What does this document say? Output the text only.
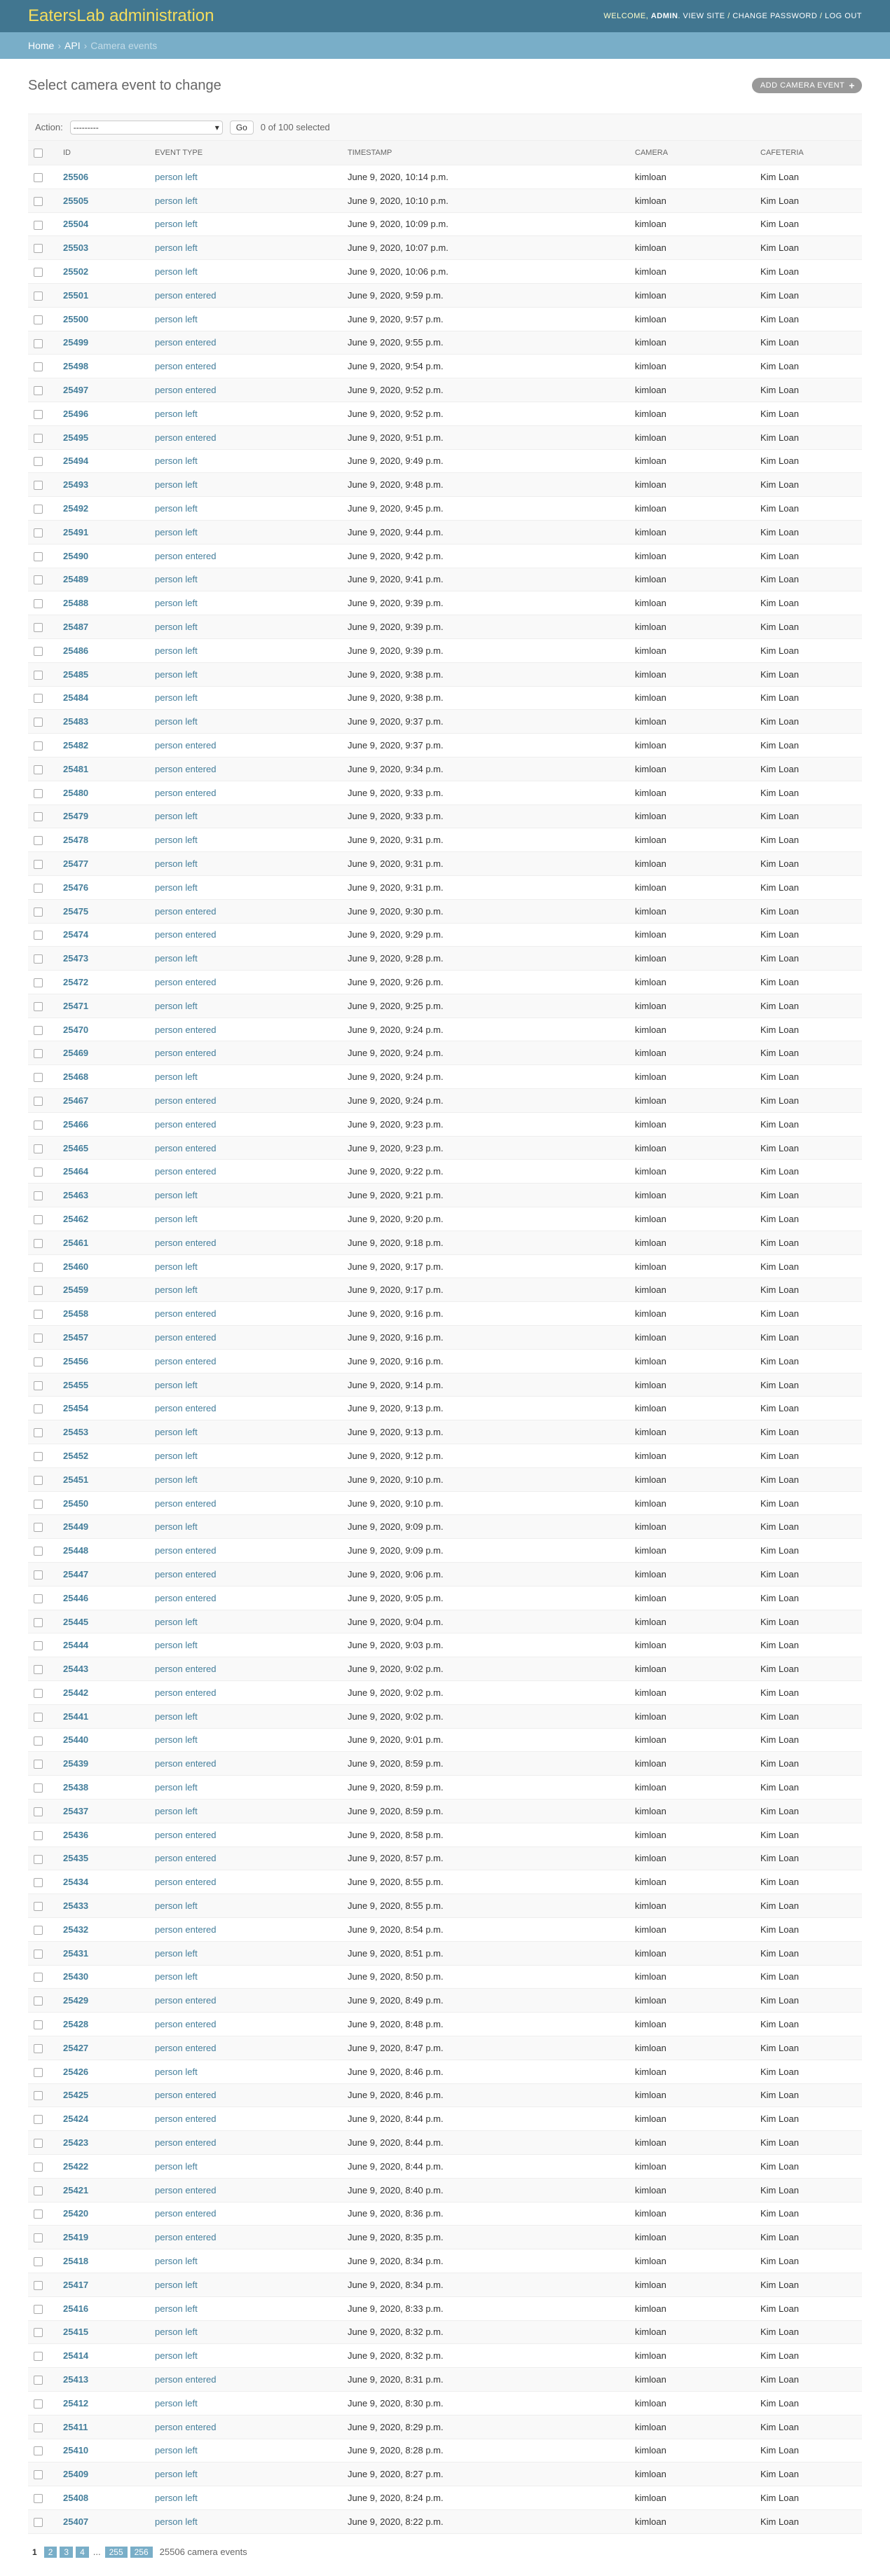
EatersLab administration	WELCOME, ADMIN. VIEW SITE / CHANGE PASSWORD / LOG OUT
Home › API › Camera events
Select camera event to change	ADD CAMERA EVENT +
Action: ---------	▾	Go	0 of 100 selected
	ID	EVENT TYPE	TIMESTAMP	CAMERA	CAFETERIA
	25506	person left	June 9, 2020, 10:14 p.m.	kimloan	Kim Loan
	25505	person left	June 9, 2020, 10:10 p.m.	kimloan	Kim Loan
	25504	person left	June 9, 2020, 10:09 p.m.	kimloan	Kim Loan
	25503	person left	June 9, 2020, 10:07 p.m.	kimloan	Kim Loan
	25502	person left	June 9, 2020, 10:06 p.m.	kimloan	Kim Loan
	25501	person entered	June 9, 2020, 9:59 p.m.	kimloan	Kim Loan
	25500	person left	June 9, 2020, 9:57 p.m.	kimloan	Kim Loan
	25499	person entered	June 9, 2020, 9:55 p.m.	kimloan	Kim Loan
	25498	person entered	June 9, 2020, 9:54 p.m.	kimloan	Kim Loan
	25497	person entered	June 9, 2020, 9:52 p.m.	kimloan	Kim Loan
	25496	person left	June 9, 2020, 9:52 p.m.	kimloan	Kim Loan
	25495	person entered	June 9, 2020, 9:51 p.m.	kimloan	Kim Loan
	25494	person left	June 9, 2020, 9:49 p.m.	kimloan	Kim Loan
	25493	person left	June 9, 2020, 9:48 p.m.	kimloan	Kim Loan
	25492	person left	June 9, 2020, 9:45 p.m.	kimloan	Kim Loan
	25491	person left	June 9, 2020, 9:44 p.m.	kimloan	Kim Loan
	25490	person entered	June 9, 2020, 9:42 p.m.	kimloan	Kim Loan
	25489	person left	June 9, 2020, 9:41 p.m.	kimloan	Kim Loan
	25488	person left	June 9, 2020, 9:39 p.m.	kimloan	Kim Loan
	25487	person left	June 9, 2020, 9:39 p.m.	kimloan	Kim Loan
	25486	person left	June 9, 2020, 9:39 p.m.	kimloan	Kim Loan
	25485	person left	June 9, 2020, 9:38 p.m.	kimloan	Kim Loan
	25484	person left	June 9, 2020, 9:38 p.m.	kimloan	Kim Loan
	25483	person left	June 9, 2020, 9:37 p.m.	kimloan	Kim Loan
	25482	person entered	June 9, 2020, 9:37 p.m.	kimloan	Kim Loan
	25481	person entered	June 9, 2020, 9:34 p.m.	kimloan	Kim Loan
	25480	person entered	June 9, 2020, 9:33 p.m.	kimloan	Kim Loan
	25479	person left	June 9, 2020, 9:33 p.m.	kimloan	Kim Loan
	25478	person left	June 9, 2020, 9:31 p.m.	kimloan	Kim Loan
	25477	person left	June 9, 2020, 9:31 p.m.	kimloan	Kim Loan
	25476	person left	June 9, 2020, 9:31 p.m.	kimloan	Kim Loan
	25475	person entered	June 9, 2020, 9:30 p.m.	kimloan	Kim Loan
	25474	person entered	June 9, 2020, 9:29 p.m.	kimloan	Kim Loan
	25473	person left	June 9, 2020, 9:28 p.m.	kimloan	Kim Loan
	25472	person entered	June 9, 2020, 9:26 p.m.	kimloan	Kim Loan
	25471	person left	June 9, 2020, 9:25 p.m.	kimloan	Kim Loan
	25470	person entered	June 9, 2020, 9:24 p.m.	kimloan	Kim Loan
	25469	person entered	June 9, 2020, 9:24 p.m.	kimloan	Kim Loan
	25468	person left	June 9, 2020, 9:24 p.m.	kimloan	Kim Loan
	25467	person entered	June 9, 2020, 9:24 p.m.	kimloan	Kim Loan
	25466	person entered	June 9, 2020, 9:23 p.m.	kimloan	Kim Loan
	25465	person entered	June 9, 2020, 9:23 p.m.	kimloan	Kim Loan
	25464	person entered	June 9, 2020, 9:22 p.m.	kimloan	Kim Loan
	25463	person left	June 9, 2020, 9:21 p.m.	kimloan	Kim Loan
	25462	person left	June 9, 2020, 9:20 p.m.	kimloan	Kim Loan
	25461	person entered	June 9, 2020, 9:18 p.m.	kimloan	Kim Loan
	25460	person left	June 9, 2020, 9:17 p.m.	kimloan	Kim Loan
	25459	person left	June 9, 2020, 9:17 p.m.	kimloan	Kim Loan
	25458	person entered	June 9, 2020, 9:16 p.m.	kimloan	Kim Loan
	25457	person entered	June 9, 2020, 9:16 p.m.	kimloan	Kim Loan
	25456	person entered	June 9, 2020, 9:16 p.m.	kimloan	Kim Loan
	25455	person left	June 9, 2020, 9:14 p.m.	kimloan	Kim Loan
	25454	person entered	June 9, 2020, 9:13 p.m.	kimloan	Kim Loan
	25453	person left	June 9, 2020, 9:13 p.m.	kimloan	Kim Loan
	25452	person left	June 9, 2020, 9:12 p.m.	kimloan	Kim Loan
	25451	person left	June 9, 2020, 9:10 p.m.	kimloan	Kim Loan
	25450	person entered	June 9, 2020, 9:10 p.m.	kimloan	Kim Loan
	25449	person left	June 9, 2020, 9:09 p.m.	kimloan	Kim Loan
	25448	person entered	June 9, 2020, 9:09 p.m.	kimloan	Kim Loan
	25447	person entered	June 9, 2020, 9:06 p.m.	kimloan	Kim Loan
	25446	person entered	June 9, 2020, 9:05 p.m.	kimloan	Kim Loan
	25445	person left	June 9, 2020, 9:04 p.m.	kimloan	Kim Loan
	25444	person left	June 9, 2020, 9:03 p.m.	kimloan	Kim Loan
	25443	person entered	June 9, 2020, 9:02 p.m.	kimloan	Kim Loan
	25442	person entered	June 9, 2020, 9:02 p.m.	kimloan	Kim Loan
	25441	person left	June 9, 2020, 9:02 p.m.	kimloan	Kim Loan
	25440	person left	June 9, 2020, 9:01 p.m.	kimloan	Kim Loan
	25439	person entered	June 9, 2020, 8:59 p.m.	kimloan	Kim Loan
	25438	person left	June 9, 2020, 8:59 p.m.	kimloan	Kim Loan
	25437	person left	June 9, 2020, 8:59 p.m.	kimloan	Kim Loan
	25436	person entered	June 9, 2020, 8:58 p.m.	kimloan	Kim Loan
	25435	person entered	June 9, 2020, 8:57 p.m.	kimloan	Kim Loan
	25434	person entered	June 9, 2020, 8:55 p.m.	kimloan	Kim Loan
	25433	person left	June 9, 2020, 8:55 p.m.	kimloan	Kim Loan
	25432	person entered	June 9, 2020, 8:54 p.m.	kimloan	Kim Loan
	25431	person left	June 9, 2020, 8:51 p.m.	kimloan	Kim Loan
	25430	person left	June 9, 2020, 8:50 p.m.	kimloan	Kim Loan
	25429	person entered	June 9, 2020, 8:49 p.m.	kimloan	Kim Loan
	25428	person entered	June 9, 2020, 8:48 p.m.	kimloan	Kim Loan
	25427	person entered	June 9, 2020, 8:47 p.m.	kimloan	Kim Loan
	25426	person left	June 9, 2020, 8:46 p.m.	kimloan	Kim Loan
	25425	person entered	June 9, 2020, 8:46 p.m.	kimloan	Kim Loan
	25424	person entered	June 9, 2020, 8:44 p.m.	kimloan	Kim Loan
	25423	person entered	June 9, 2020, 8:44 p.m.	kimloan	Kim Loan
	25422	person left	June 9, 2020, 8:44 p.m.	kimloan	Kim Loan
	25421	person entered	June 9, 2020, 8:40 p.m.	kimloan	Kim Loan
	25420	person entered	June 9, 2020, 8:36 p.m.	kimloan	Kim Loan
	25419	person entered	June 9, 2020, 8:35 p.m.	kimloan	Kim Loan
	25418	person left	June 9, 2020, 8:34 p.m.	kimloan	Kim Loan
	25417	person left	June 9, 2020, 8:34 p.m.	kimloan	Kim Loan
	25416	person left	June 9, 2020, 8:33 p.m.	kimloan	Kim Loan
	25415	person left	June 9, 2020, 8:32 p.m.	kimloan	Kim Loan
	25414	person left	June 9, 2020, 8:32 p.m.	kimloan	Kim Loan
	25413	person entered	June 9, 2020, 8:31 p.m.	kimloan	Kim Loan
	25412	person left	June 9, 2020, 8:30 p.m.	kimloan	Kim Loan
	25411	person entered	June 9, 2020, 8:29 p.m.	kimloan	Kim Loan
	25410	person left	June 9, 2020, 8:28 p.m.	kimloan	Kim Loan
	25409	person left	June 9, 2020, 8:27 p.m.	kimloan	Kim Loan
	25408	person left	June 9, 2020, 8:24 p.m.	kimloan	Kim Loan
	25407	person left	June 9, 2020, 8:22 p.m.	kimloan	Kim Loan
1	2	3	4 ...	255	256	25506 camera events
